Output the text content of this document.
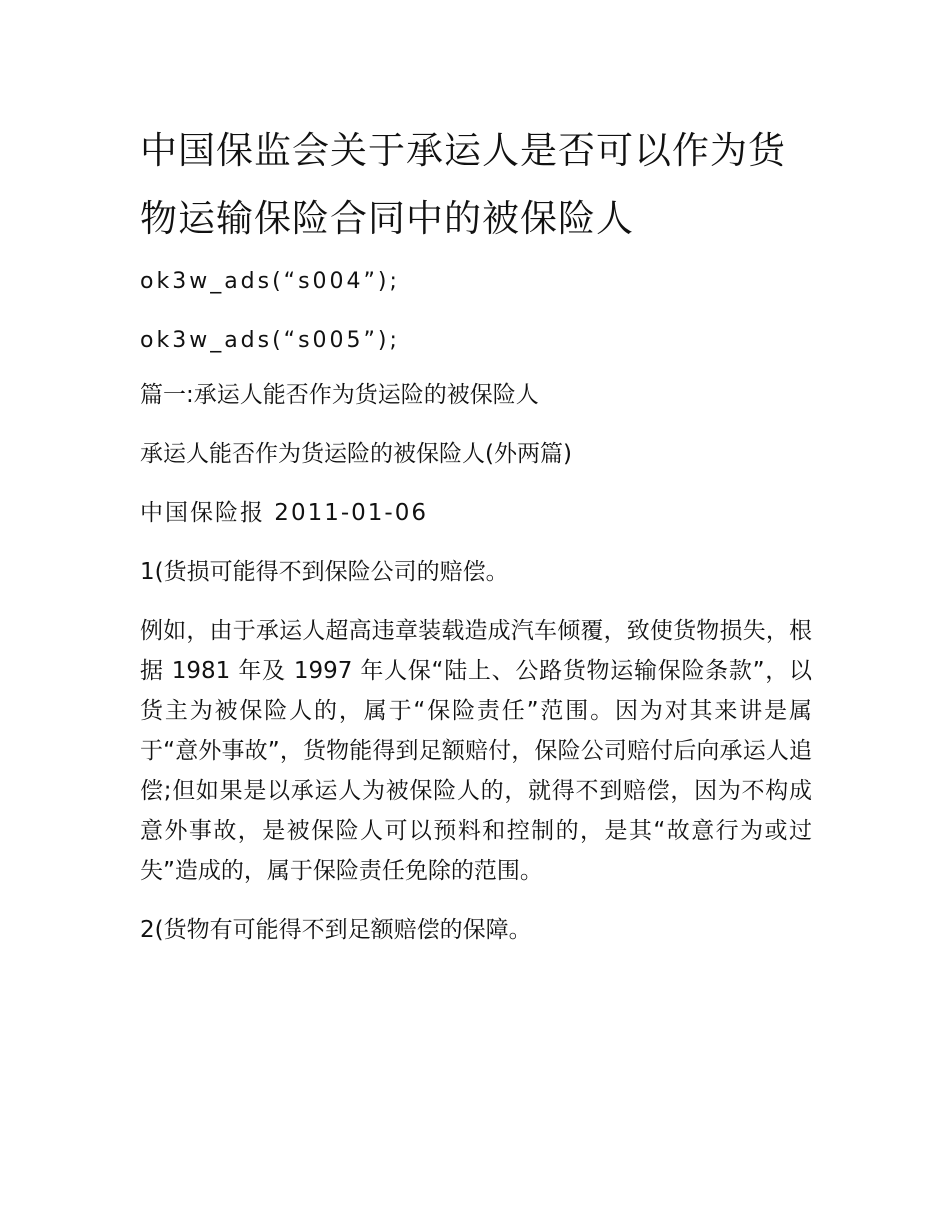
中国保监会关于承运人是否可以作为货
物运输保险合同中的被保险人

ok3w_ads(“s004”);

ok3w_ads(“s005”);

篇一:承运人能否作为货运险的被保险人

承运人能否作为货运险的被保险人(外两篇)

中国保险报 2011-01-06

1(货损可能得不到保险公司的赔偿。

例如，由于承运人超高违章装载造成汽车倾覆，致使货物损失，根据 1981 年及 1997 年人保“陆上、公路货物运输保险条款”，以货主为被保险人的，属于“保险责任”范围。因为对其来讲是属于“意外事故”，货物能得到足额赔付，保险公司赔付后向承运人追偿;但如果是以承运人为被保险人的，就得不到赔偿，因为不构成意外事故，是被保险人可以预料和控制的，是其“故意行为或过失”造成的，属于保险责任免除的范围。

2(货物有可能得不到足额赔偿的保障。
